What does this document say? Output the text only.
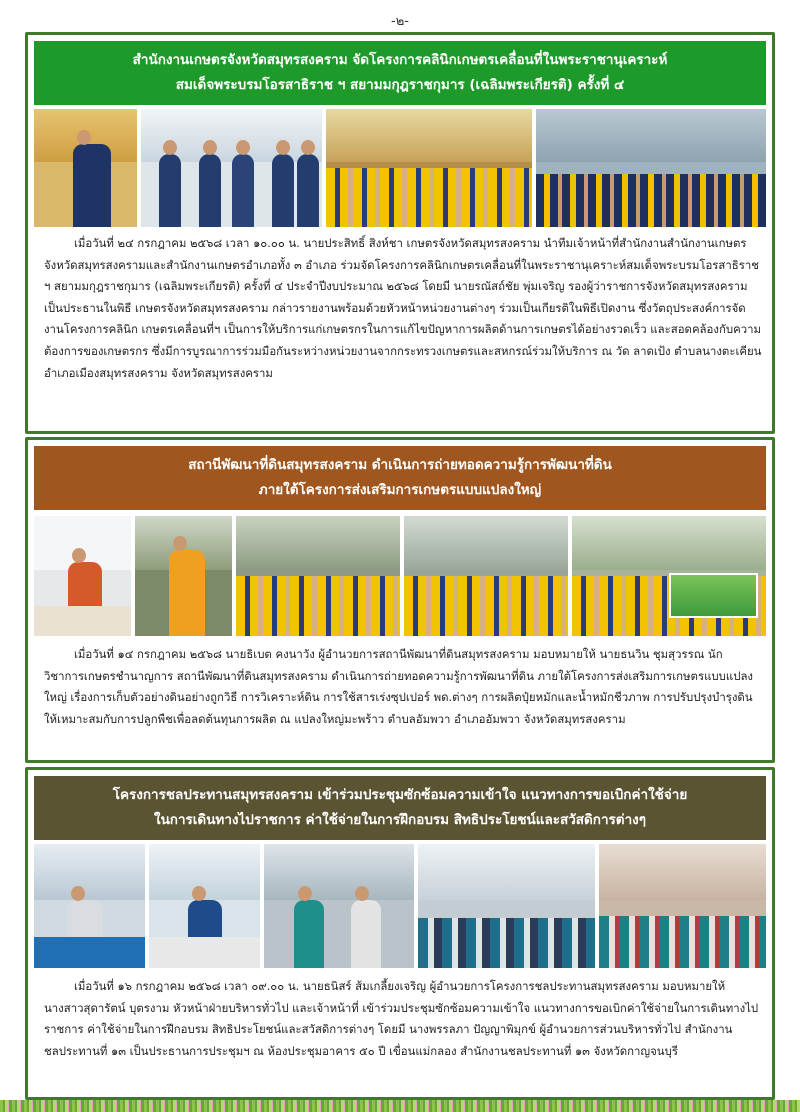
-๒-
สำนักงานเกษตรจังหวัดสมุทรสงคราม จัดโครงการคลินิกเกษตรเคลื่อนที่ในพระราชานุเคราะห์
สมเด็จพระบรมโอรสาธิราช ฯ สยามมกุฎราชกุมาร (เฉลิมพระเกียรติ) ครั้งที่ ๔

เมื่อวันที่ ๒๔ กรกฎาคม ๒๕๖๘ เวลา ๑๐.๐๐ น. นายประสิทธิ์ สิงห์ชา เกษตรจังหวัดสมุทรสงคราม นำทีมเจ้าหน้าที่สำนักงานสำนักงานเกษตรจังหวัดสมุทรสงครามและสำนักงานเกษตรอำเภอทั้ง ๓ อำเภอ ร่วมจัดโครงการคลินิกเกษตรเคลื่อนที่ในพระราชานุเคราะห์สมเด็จพระบรมโอรสาธิราช ฯ สยามมกุฎราชกุมาร (เฉลิมพระเกียรติ) ครั้งที่ ๔ ประจำปีงบประมาณ ๒๕๖๘ โดยมี นายรณัสถ์ชัย พุ่มเจริญ รองผู้ว่าราชการจังหวัดสมุทรสงคราม เป็นประธานในพิธี เกษตรจังหวัดสมุทรสงคราม กล่าวรายงานพร้อมด้วยหัวหน้าหน่วยงานต่างๆ ร่วมเป็นเกียรติในพิธีเปิดงาน ซึ่งวัตถุประสงค์การจัดงานโครงการคลินิก เกษตรเคลื่อนที่ฯ เป็นการให้บริการแก่เกษตรกรในการแก้ไขปัญหาการผลิตด้านการเกษตรได้อย่างรวดเร็ว และสอดคล้องกับความต้องการของเกษตรกร ซึ่งมีการบูรณาการร่วมมือกันระหว่างหน่วยงานจากกระทรวงเกษตรและสหกรณ์ร่วมให้บริการ ณ วัด ลาดเป้ง ตำบลนางตะเคียน อำเภอเมืองสมุทรสงคราม จังหวัดสมุทรสงคราม

สถานีพัฒนาที่ดินสมุทรสงคราม ดำเนินการถ่ายทอดความรู้การพัฒนาที่ดิน
ภายใต้โครงการส่งเสริมการเกษตรแบบแปลงใหญ่

เมื่อวันที่ ๑๔ กรกฎาคม ๒๕๖๘ นายธิเบต คงนาวัง ผู้อำนวยการสถานีพัฒนาที่ดินสมุทรสงคราม มอบหมายให้ นายธนวิน ชุมสุวรรณ นักวิชาการเกษตรชำนาญการ สถานีพัฒนาที่ดินสมุทรสงคราม ดำเนินการถ่ายทอดความรู้การพัฒนาที่ดิน ภายใต้โครงการส่งเสริมการเกษตรแบบแปลงใหญ่ เรื่องการเก็บตัวอย่างดินอย่างถูกวิธี การวิเคราะห์ดิน การใช้สารเร่งซุปเปอร์ พด.ต่างๆ การผลิตปุ๋ยหมักและน้ำหมักชีวภาพ การปรับปรุงบำรุงดินให้เหมาะสมกับการปลูกพืชเพื่อลดต้นทุนการผลิต ณ แปลงใหญ่มะพร้าว ตำบลอัมพวา อำเภออัมพวา จังหวัดสมุทรสงคราม

โครงการชลประทานสมุทรสงคราม เข้าร่วมประชุมซักซ้อมความเข้าใจ แนวทางการขอเบิกค่าใช้จ่าย
ในการเดินทางไปราชการ ค่าใช้จ่ายในการฝึกอบรม สิทธิประโยชน์และสวัสดิการต่างๆ

เมื่อวันที่ ๑๖ กรกฎาคม ๒๕๖๘ เวลา ๐๙.๐๐ น. นายธนิสร์ ส้มเกลี้ยงเจริญ ผู้อำนวยการโครงการชลประทานสมุทรสงคราม มอบหมายให้ นางสาวสุดารัตน์ บุตรงาม หัวหน้าฝ่ายบริหารทั่วไป และเจ้าหน้าที่ เข้าร่วมประชุมซักซ้อมความเข้าใจ แนวทางการขอเบิกค่าใช้จ่ายในการเดินทางไปราชการ ค่าใช้จ่ายในการฝึกอบรม สิทธิประโยชน์และสวัสดิการต่างๆ โดยมี นางพรรลภา ปัญญาพิมุกข์ ผู้อำนวยการส่วนบริหารทั่วไป สำนักงานชลประทานที่ ๑๓ เป็นประธานการประชุมฯ ณ ห้องประชุมอาคาร ๕๐ ปี เขื่อนแม่กลอง สำนักงานชลประทานที่ ๑๓ จังหวัดกาญจนบุรี
